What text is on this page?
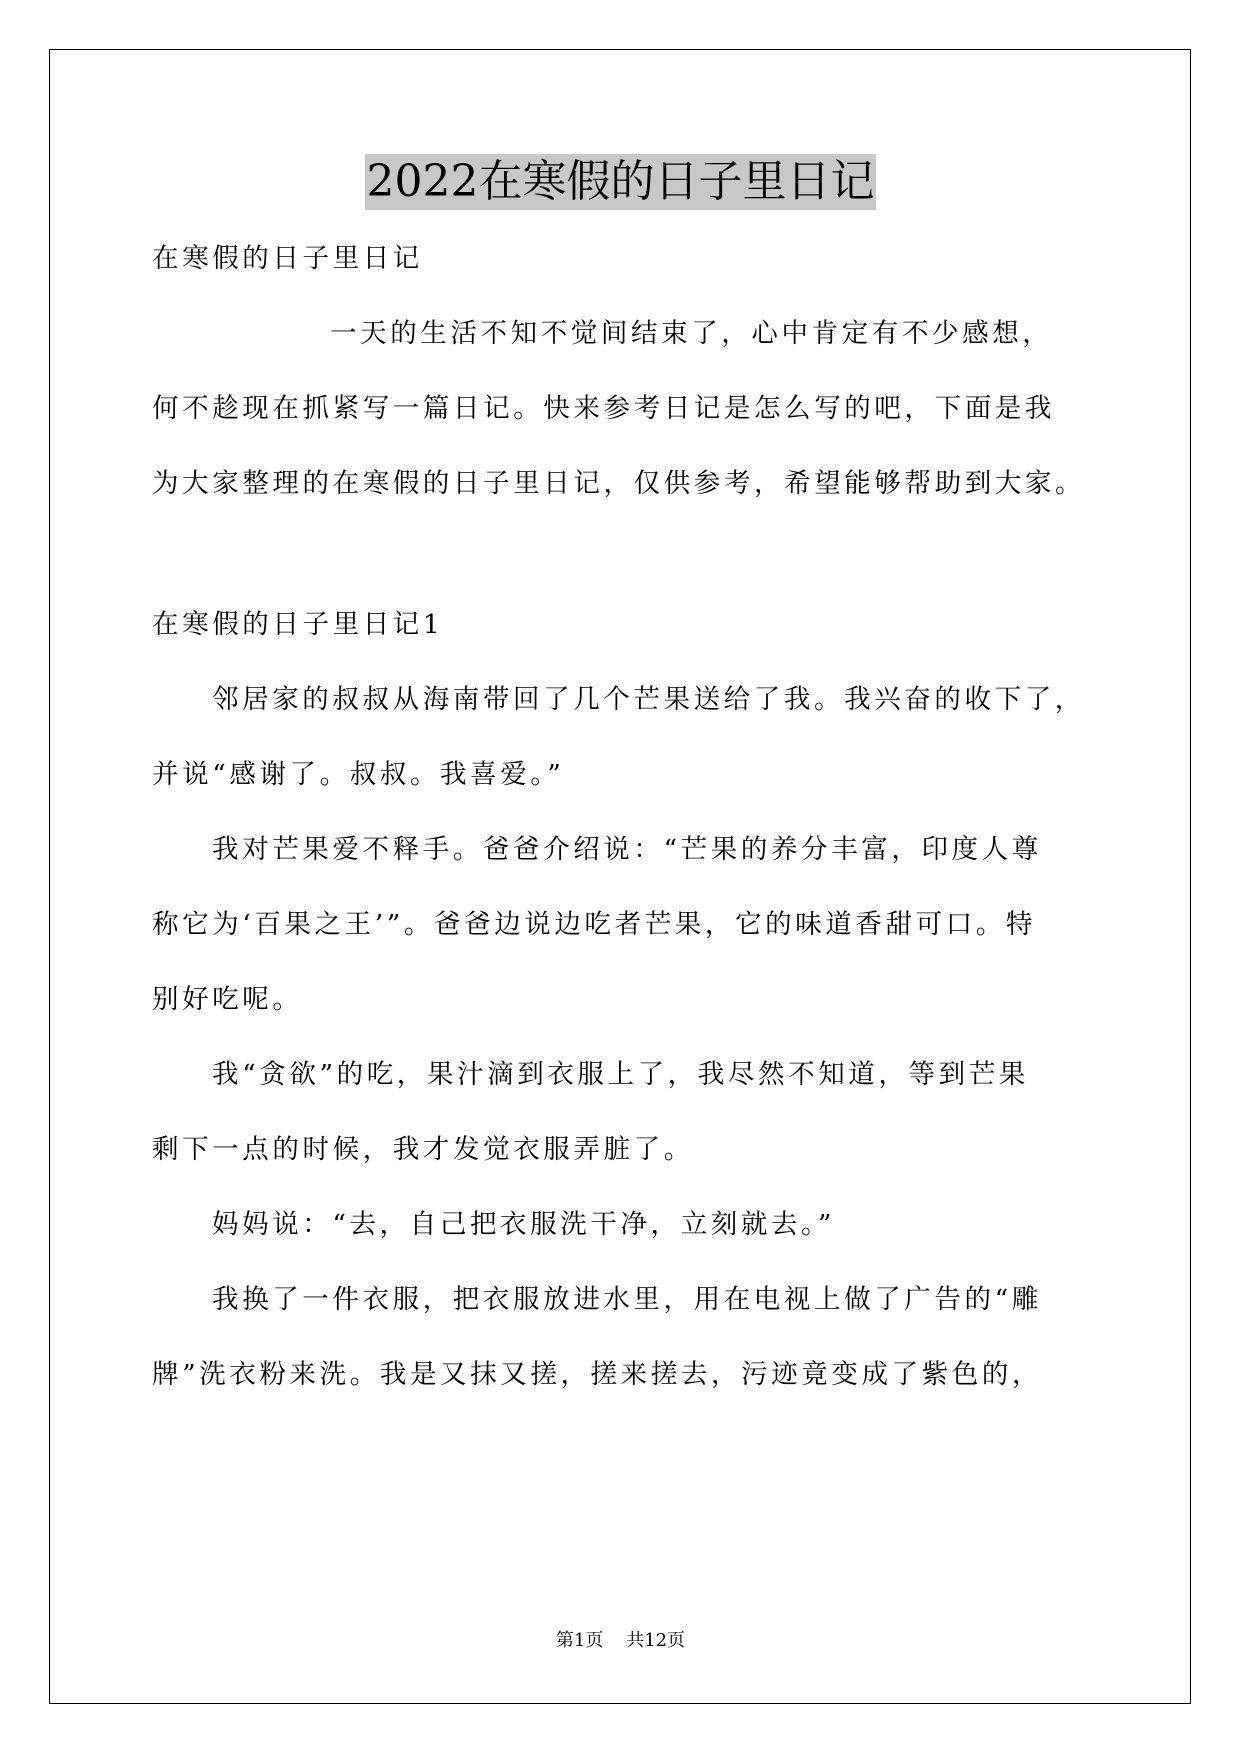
2022在寒假的日子里日记
在寒假的日子里日记
一天的生活不知不觉间结束了，心中肯定有不少感想，
何不趁现在抓紧写一篇日记。快来参考日记是怎么写的吧，下面是我
为大家整理的在寒假的日子里日记，仅供参考，希望能够帮助到大家。
在寒假的日子里日记1
邻居家的叔叔从海南带回了几个芒果送给了我。我兴奋的收下了，
并说“感谢了。叔叔。我喜爱。”
我对芒果爱不释手。爸爸介绍说：“芒果的养分丰富，印度人尊
称它为‘百果之王’”。爸爸边说边吃者芒果，它的味道香甜可口。特
别好吃呢。
我“贪欲”的吃，果汁滴到衣服上了，我尽然不知道，等到芒果
剩下一点的时候，我才发觉衣服弄脏了。
妈妈说：“去，自己把衣服洗干净，立刻就去。”
我换了一件衣服，把衣服放进水里，用在电视上做了广告的“雕
牌”洗衣粉来洗。我是又抹又搓，搓来搓去，污迹竟变成了紫色的，
第1页 共12页
